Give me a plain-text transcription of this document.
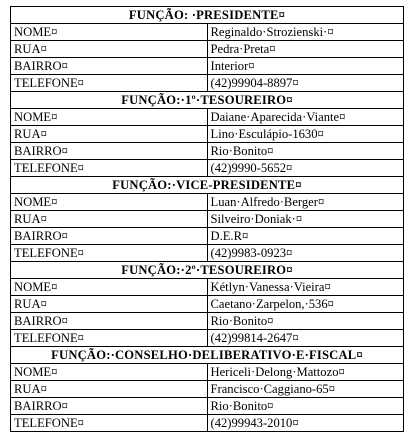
FUNÇÃO: ·PRESIDENTE¤	
NOME¤	Reginaldo·Strozienski·¤
RUA¤	Pedra·Preta¤
BAIRRO¤	Interior¤
TELEFONE¤	(42)99904-8897¤
FUNÇÃO:·1º·TESOUREIRO¤	
NOME¤	Daiane·Aparecida·Viante¤
RUA¤	Lino·Esculápio-1630¤
BAIRRO¤	Rio·Bonito¤
TELEFONE¤	(42)9990-5652¤
FUNÇÃO:·VICE-PRESIDENTE¤	
NOME¤	Luan·Alfredo·Berger¤
RUA¤	Silveiro·Doniak·¤
BAIRRO¤	D.E.R¤
TELEFONE¤	(42)9983-0923¤
FUNÇÃO:·2º·TESOUREIRO¤	
NOME¤	Kétlyn·Vanessa·Vieira¤
RUA¤	Caetano·Zarpelon,·536¤
BAIRRO¤	Rio·Bonito¤
TELEFONE¤	(42)99814-2647¤
FUNÇÃO:·CONSELHO·DELIBERATIVO·E·FISCAL¤	
NOME¤	Hericeli·Delong·Mattozo¤
RUA¤	Francisco·Caggiano-65¤
BAIRRO¤	Rio·Bonito¤
TELEFONE¤	(42)99943-2010¤
